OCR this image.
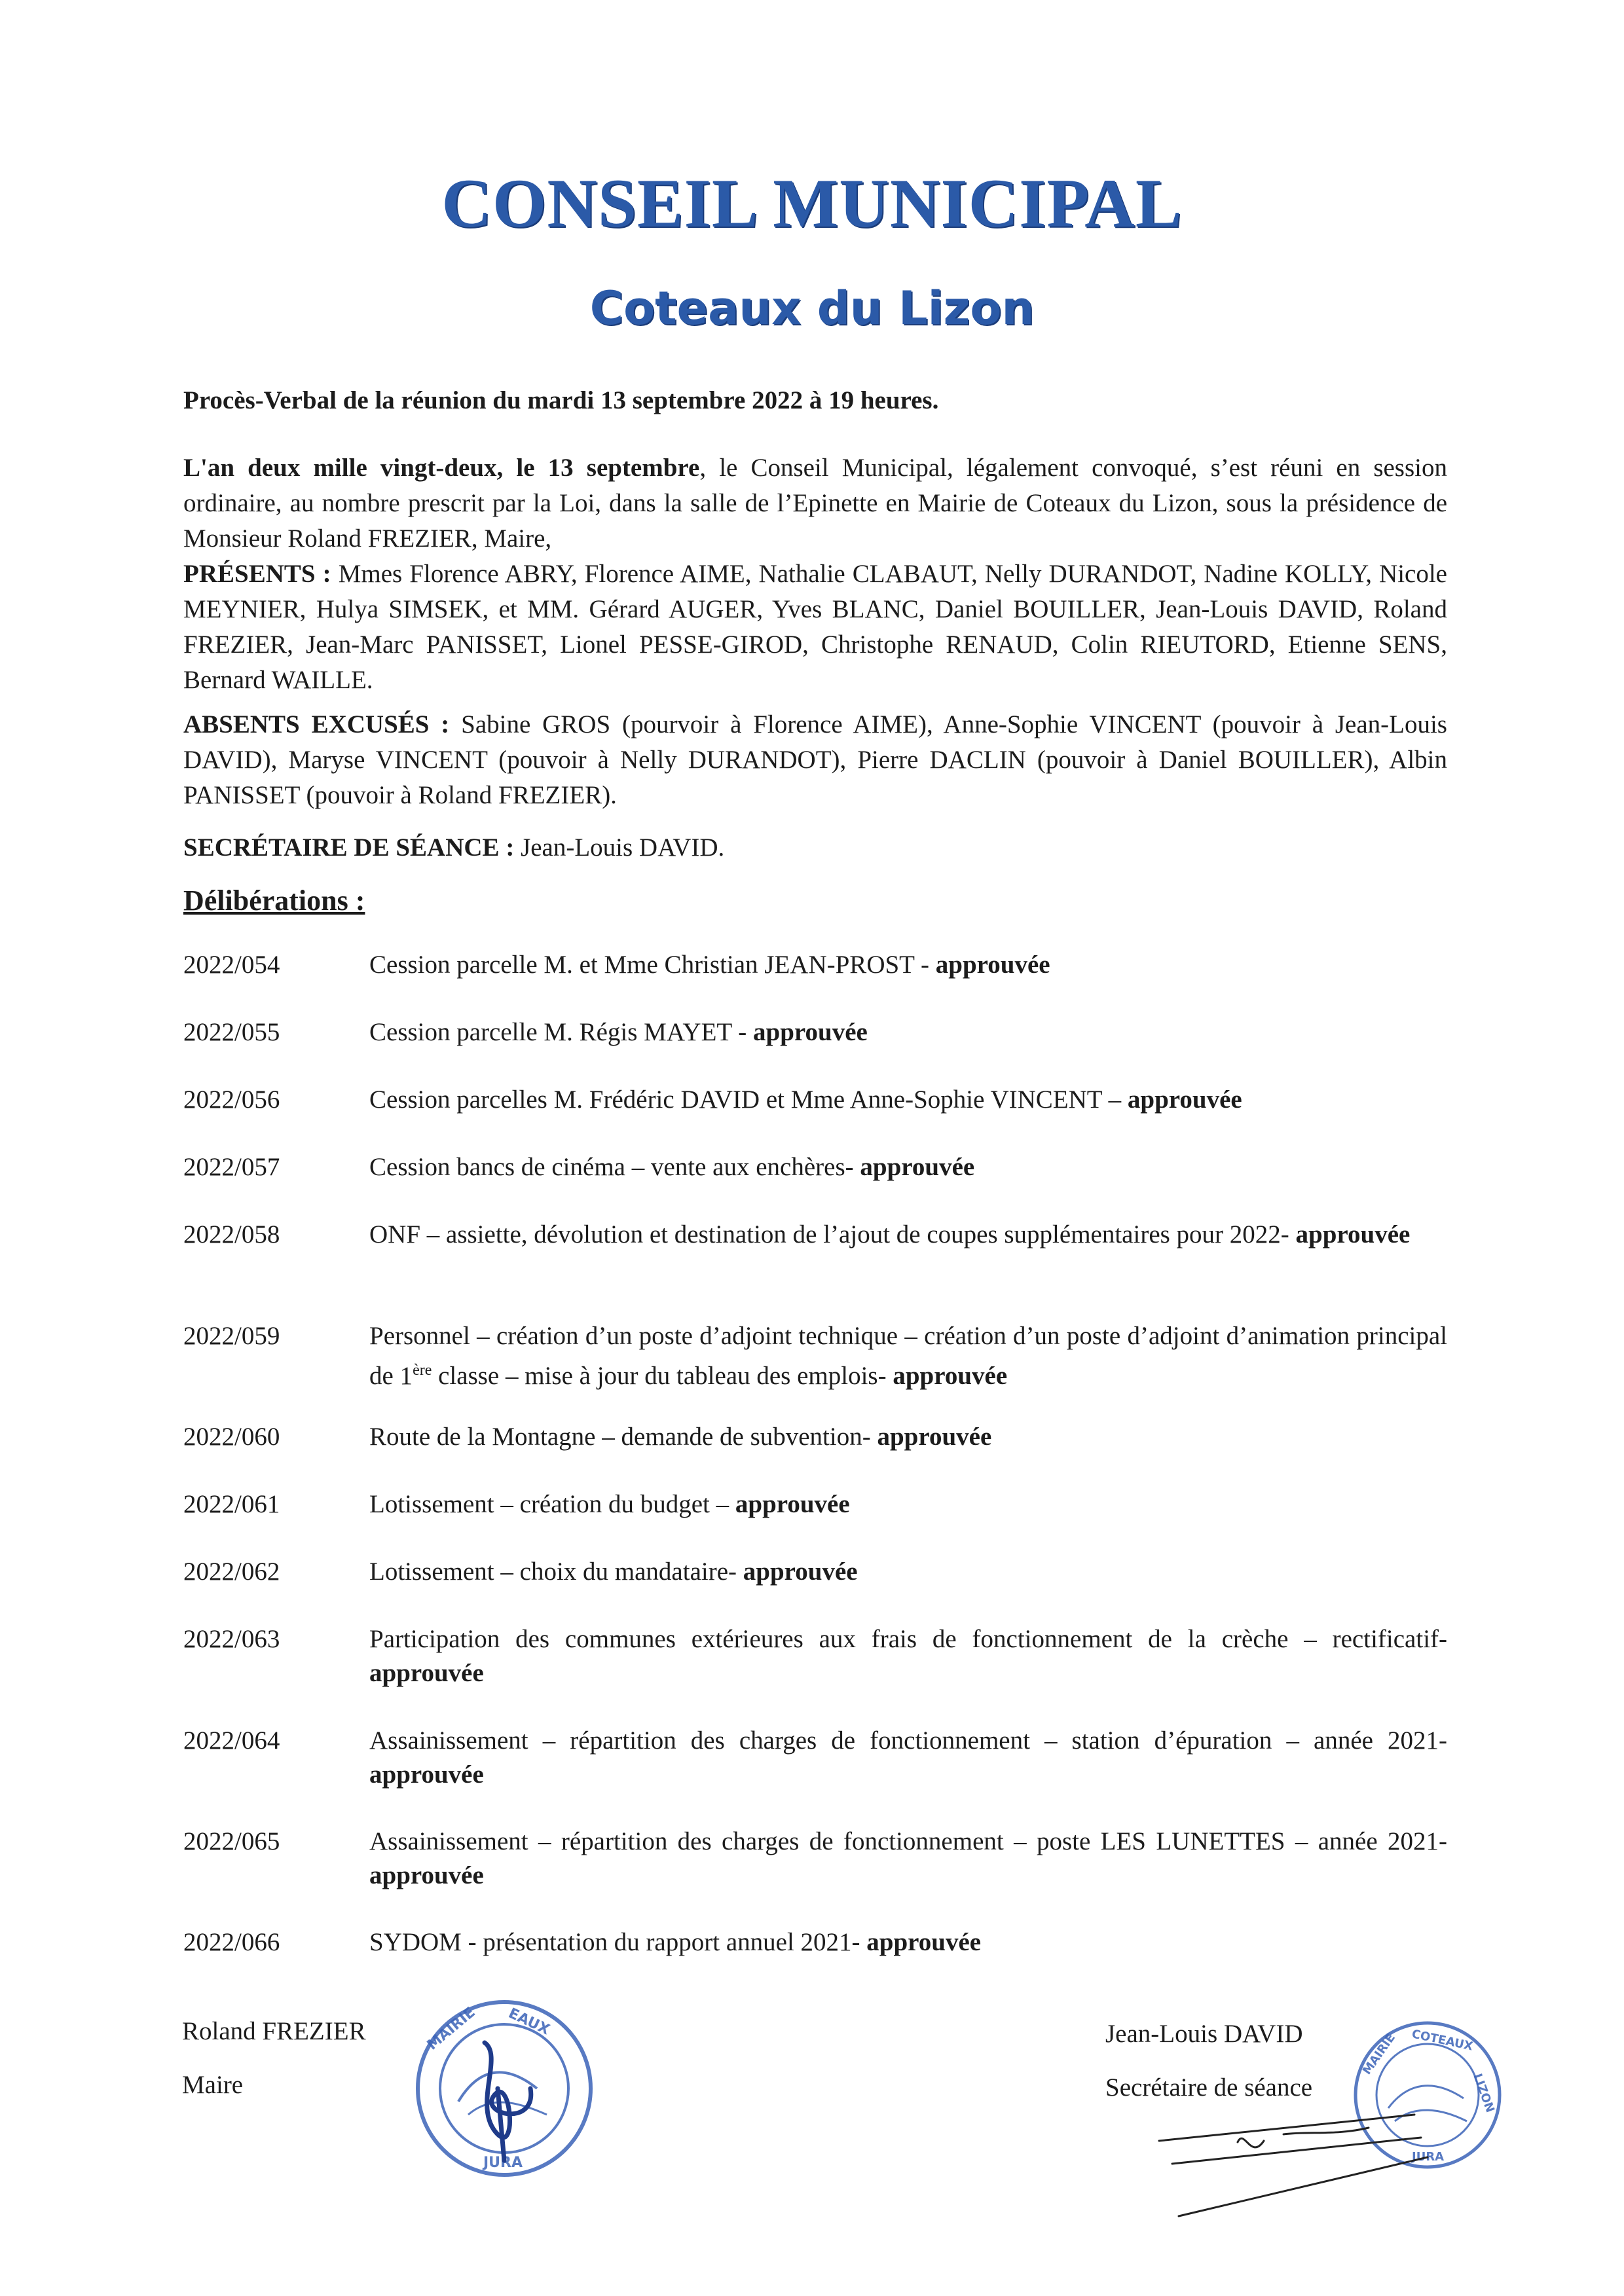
CONSEIL MUNICIPAL
Coteaux du Lizon
Procès-Verbal de la réunion du mardi 13 septembre 2022 à 19 heures.
L'an deux mille vingt-deux, le 13 septembre, le Conseil Municipal, légalement convoqué, s’est réuni en session ordinaire, au nombre prescrit par la Loi, dans la salle de l’Epinette en Mairie de Coteaux du Lizon, sous la présidence de Monsieur Roland FREZIER, Maire,
PRÉSENTS : Mmes Florence ABRY, Florence AIME, Nathalie CLABAUT, Nelly DURANDOT, Nadine KOLLY, Nicole MEYNIER, Hulya SIMSEK, et MM. Gérard AUGER, Yves BLANC, Daniel BOUILLER, Jean-Louis DAVID, Roland FREZIER, Jean-Marc PANISSET, Lionel PESSE-GIROD, Christophe RENAUD, Colin RIEUTORD, Etienne SENS, Bernard WAILLE.
ABSENTS EXCUSÉS : Sabine GROS (pourvoir à Florence AIME), Anne-Sophie VINCENT (pouvoir à Jean-Louis DAVID), Maryse VINCENT (pouvoir à Nelly DURANDOT), Pierre DACLIN (pouvoir à Daniel BOUILLER), Albin PANISSET (pouvoir à Roland FREZIER).
SECRÉTAIRE DE SÉANCE : Jean-Louis DAVID.
Délibérations :
2022/054	Cession parcelle M. et Mme Christian JEAN-PROST - approuvée
2022/055	Cession parcelle M. Régis MAYET - approuvée
2022/056	Cession parcelles M. Frédéric DAVID et Mme Anne-Sophie VINCENT – approuvée
2022/057	Cession bancs de cinéma – vente aux enchères- approuvée
2022/058	ONF – assiette, dévolution et destination de l’ajout de coupes supplémentaires pour 2022- approuvée
2022/059	Personnel – création d’un poste d’adjoint technique – création d’un poste d’adjoint d’animation principal de 1ère classe – mise à jour du tableau des emplois- approuvée
2022/060	Route de la Montagne – demande de subvention- approuvée
2022/061	Lotissement – création du budget – approuvée
2022/062	Lotissement – choix du mandataire- approuvée
2022/063	Participation des communes extérieures aux frais de fonctionnement de la crèche – rectificatif- approuvée
2022/064	Assainissement – répartition des charges de fonctionnement – station d’épuration – année 2021- approuvée
2022/065	Assainissement – répartition des charges de fonctionnement – poste LES LUNETTES – année 2021- approuvée
2022/066	SYDOM - présentation du rapport annuel 2021- approuvée
Roland FREZIER
Maire
Jean-Louis DAVID
Secrétaire de séance
MAIRIE EAUX
JURA
MAIRIE COTEAUX
LIZON
JURA
